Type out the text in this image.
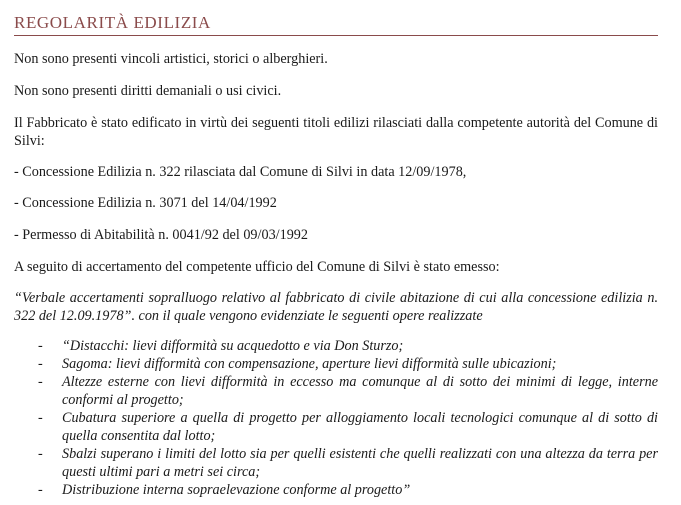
REGOLARITÀ EDILIZIA

Non sono presenti vincoli artistici, storici o alberghieri.

Non sono presenti diritti demaniali o usi civici.

Il Fabbricato è stato edificato in virtù dei seguenti titoli edilizi rilasciati dalla competente autorità del Comune di Silvi:

- Concessione Edilizia n. 322 rilasciata dal Comune di Silvi in data 12/09/1978,

- Concessione Edilizia n. 3071 del 14/04/1992

- Permesso di Abitabilità n. 0041/92 del 09/03/1992

A seguito di accertamento del competente ufficio del Comune di Silvi è stato emesso:

“Verbale accertamenti sopralluogo relativo al fabbricato di civile abitazione di cui alla concessione edilizia n. 322 del 12.09.1978”. con il quale vengono evidenziate le seguenti opere realizzate

- “Distacchi: lievi difformità su acquedotto e via Don Sturzo;
- Sagoma: lievi difformità con compensazione, aperture lievi difformità sulle ubicazioni;
- Altezze esterne con lievi difformità in eccesso ma comunque al di sotto dei minimi di legge, interne conformi al progetto;
- Cubatura superiore a quella di progetto per alloggiamento locali tecnologici comunque al di sotto di quella consentita dal lotto;
- Sbalzi superano i limiti del lotto sia per quelli esistenti che quelli realizzati con una altezza da terra per questi ultimi pari a metri sei circa;
- Distribuzione interna sopraelevazione conforme al progetto”
